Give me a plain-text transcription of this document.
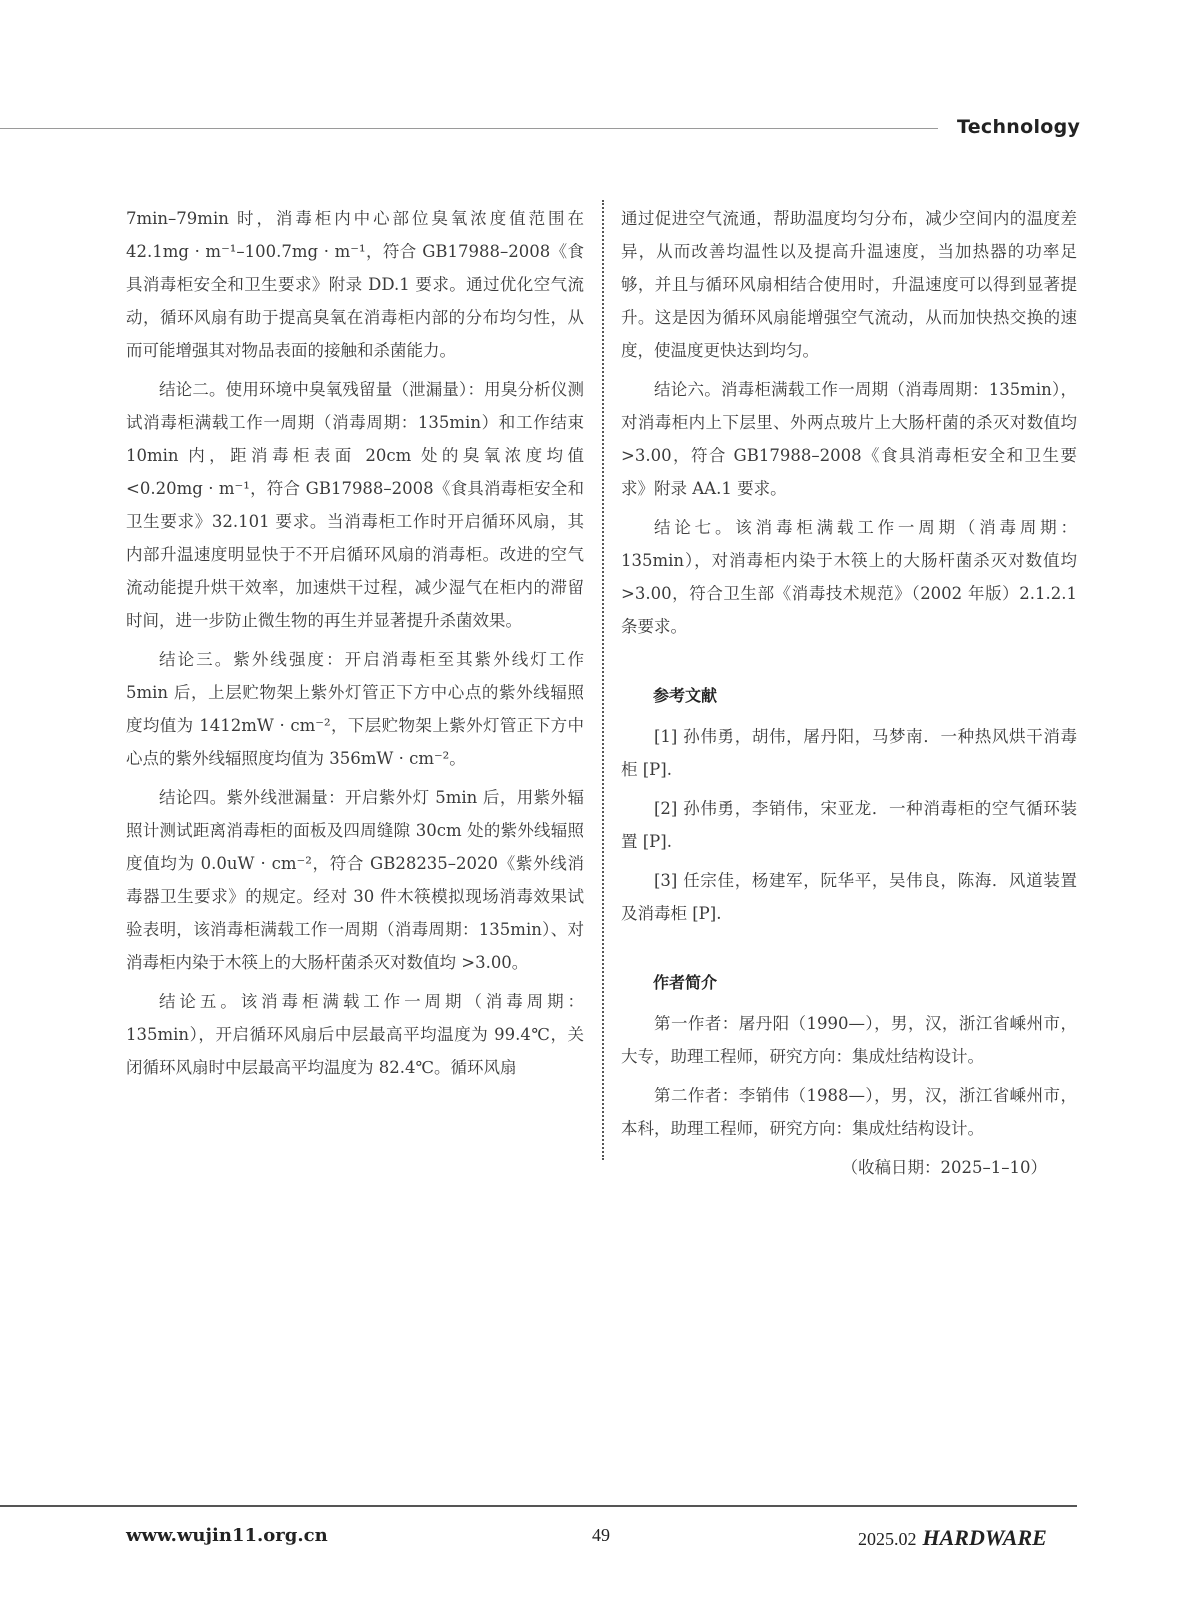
Technology

7min–79min 时，消毒柜内中心部位臭氧浓度值范围在 42.1mg · m⁻¹–100.7mg · m⁻¹，符合 GB17988–2008《食具消毒柜安全和卫生要求》附录 DD.1 要求。通过优化空气流动，循环风扇有助于提高臭氧在消毒柜内部的分布均匀性，从而可能增强其对物品表面的接触和杀菌能力。

结论二。使用环境中臭氧残留量（泄漏量）：用臭分析仪测试消毒柜满载工作一周期（消毒周期：135min）和工作结束 10min 内，距消毒柜表面 20cm 处的臭氧浓度均值 <0.20mg · m⁻¹，符合 GB17988–2008《食具消毒柜安全和卫生要求》32.101 要求。当消毒柜工作时开启循环风扇，其内部升温速度明显快于不开启循环风扇的消毒柜。改进的空气流动能提升烘干效率，加速烘干过程，减少湿气在柜内的滞留时间，进一步防止微生物的再生并显著提升杀菌效果。

结论三。紫外线强度：开启消毒柜至其紫外线灯工作 5min 后，上层贮物架上紫外灯管正下方中心点的紫外线辐照度均值为 1412mW · cm⁻²，下层贮物架上紫外灯管正下方中心点的紫外线辐照度均值为 356mW · cm⁻²。

结论四。紫外线泄漏量：开启紫外灯 5min 后，用紫外辐照计测试距离消毒柜的面板及四周缝隙 30cm 处的紫外线辐照度值均为 0.0uW · cm⁻²，符合 GB28235–2020《紫外线消毒器卫生要求》的规定。经对 30 件木筷模拟现场消毒效果试验表明，该消毒柜满载工作一周期（消毒周期：135min）、对消毒柜内染于木筷上的大肠杆菌杀灭对数值均 >3.00。

结论五。该消毒柜满载工作一周期（消毒周期：135min），开启循环风扇后中层最高平均温度为 99.4℃，关闭循环风扇时中层最高平均温度为 82.4℃。循环风扇

通过促进空气流通，帮助温度均匀分布，减少空间内的温度差异，从而改善均温性以及提高升温速度，当加热器的功率足够，并且与循环风扇相结合使用时，升温速度可以得到显著提升。这是因为循环风扇能增强空气流动，从而加快热交换的速度，使温度更快达到均匀。

结论六。消毒柜满载工作一周期（消毒周期：135min），对消毒柜内上下层里、外两点玻片上大肠杆菌的杀灭对数值均 >3.00，符合 GB17988–2008《食具消毒柜安全和卫生要求》附录 AA.1 要求。

结论七。该消毒柜满载工作一周期（消毒周期：135min），对消毒柜内染于木筷上的大肠杆菌杀灭对数值均 >3.00，符合卫生部《消毒技术规范》（2002 年版）2.1.2.1 条要求。

参考文献

[1] 孙伟勇，胡伟，屠丹阳，马梦南．一种热风烘干消毒柜 [P].

[2] 孙伟勇，李销伟，宋亚龙．一种消毒柜的空气循环装置 [P].

[3] 任宗佳，杨建军，阮华平，吴伟良，陈海．风道装置及消毒柜 [P].

作者简介

第一作者：屠丹阳（1990—），男，汉，浙江省嵊州市，大专，助理工程师，研究方向：集成灶结构设计。

第二作者：李销伟（1988—），男，汉，浙江省嵊州市，本科，助理工程师，研究方向：集成灶结构设计。

（收稿日期：2025–1–10）

www.wujin11.org.cn	49	2025.02 HARDWARE
